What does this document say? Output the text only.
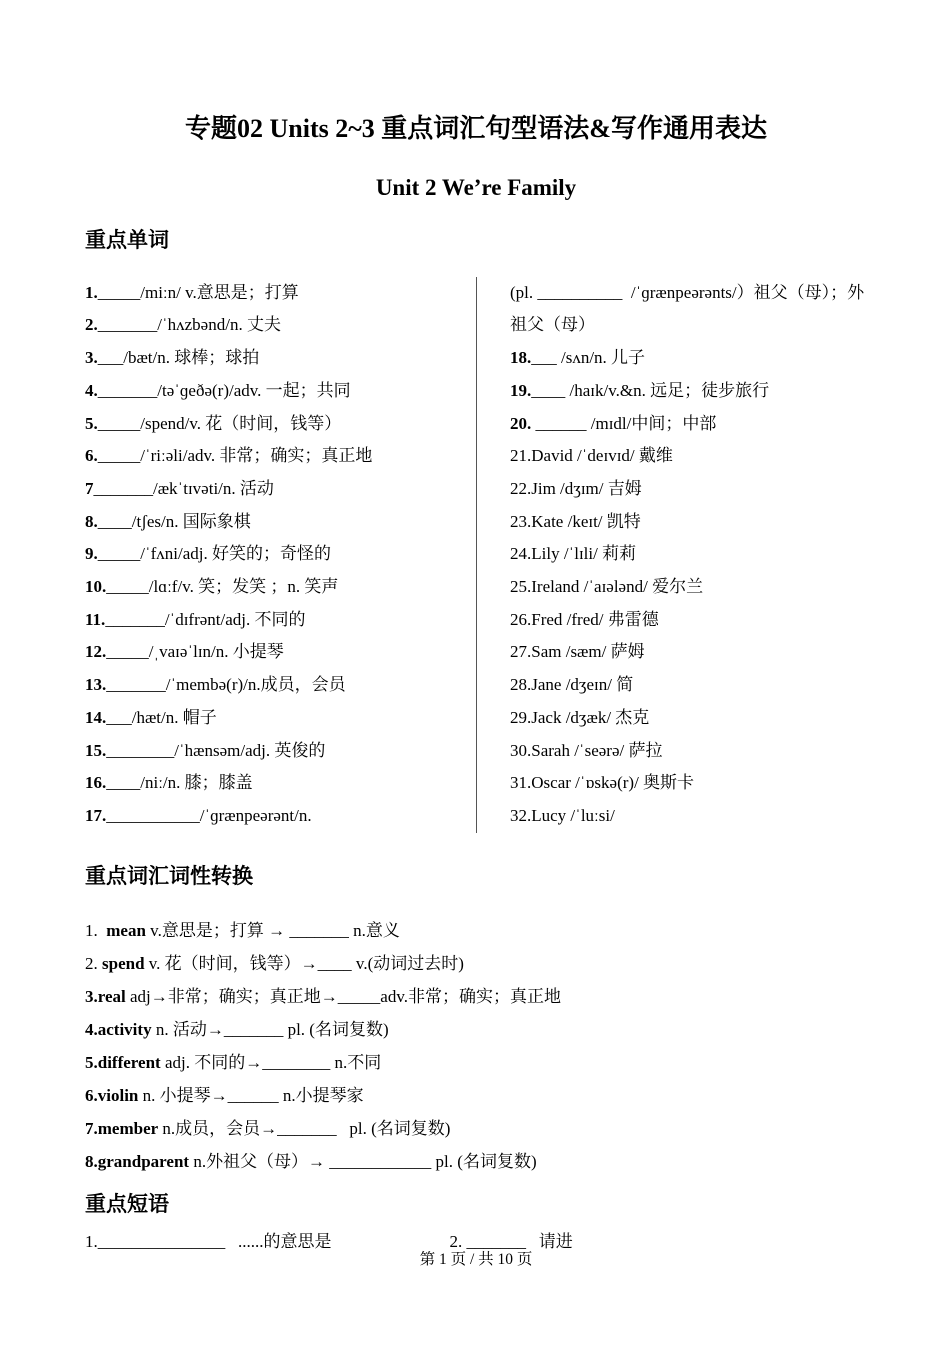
专题02 Units 2~3 重点词汇句型语法&写作通用表达
Unit 2 We’re Family
重点单词
1._____/miːn/ v.意思是；打算
2._______/ˈhʌzbənd/n. 丈夫
3.___/bæt/n. 球棒；球拍
4._______/təˈɡeðə(r)/adv. 一起；共同
5._____/spend/v. 花（时间，钱等）
6._____/ˈriːəli/adv. 非常；确实；真正地
7_______/ækˈtɪvəti/n. 活动
8.____/tʃes/n. 国际象棋
9._____/ˈfʌni/adj. 好笑的；奇怪的
10._____/lɑːf/v. 笑；发笑 ；n. 笑声
11._______/ˈdɪfrənt/adj. 不同的
12._____/ˌvaɪəˈlɪn/n. 小提琴
13._______/ˈmembə(r)/n.成员，会员
14.___/hæt/n. 帽子
15.________/ˈhænsəm/adj. 英俊的
16.____/niː/n. 膝；膝盖
17.___________/ˈɡrænpeərənt/n.
(pl. __________  /ˈɡrænpeərənts/）祖父（母）；外
祖父（母）
18.___ /sʌn/n. 儿子
19.____ /haɪk/v.&n. 远足；徒步旅行
20. ______ /mɪdl/中间；中部
21.David /ˈdeɪvɪd/ 戴维
22.Jim /dʒɪm/ 吉姆
23.Kate /keɪt/ 凯特
24.Lily /ˈlɪli/ 莉莉
25.Ireland /ˈaɪələnd/ 爱尔兰
26.Fred /fred/ 弗雷德
27.Sam /sæm/ 萨姆
28.Jane /dʒeɪn/ 简
29.Jack /dʒæk/ 杰克
30.Sarah /ˈseərə/ 萨拉
31.Oscar /ˈɒskə(r)/ 奥斯卡
32.Lucy /ˈluːsi/
重点词汇词性转换
1.  mean v.意思是；打算 → _______ n.意义
2. spend v. 花（时间，钱等）→____ v.(动词过去时)
3.real adj→非常；确实；真正地→_____adv.非常；确实；真正地
4.activity n. 活动→_______ pl. (名词复数)
5.different adj. 不同的→________ n.不同
6.violin n. 小提琴→______ n.小提琴家
7.member n.成员，会员→_______   pl. (名词复数)
8.grandparent n.外祖父（母）→ ____________ pl. (名词复数)
重点短语
1._______________   ......的意思是	2. _______   请进
第 1 页 / 共 10 页
